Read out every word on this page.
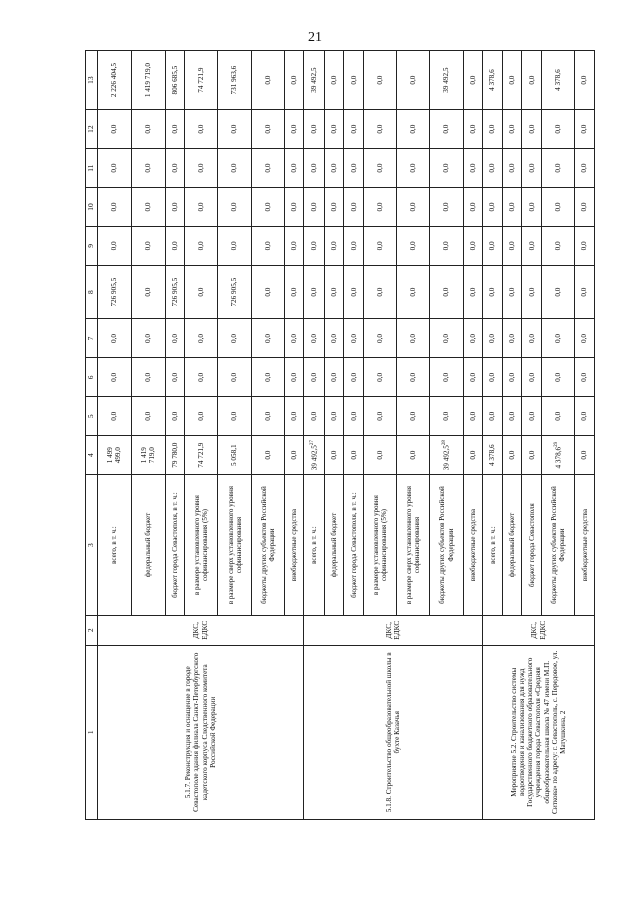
21
1	2	3	4	5	6	7	8	9	10	11	12	13
5.1.7. Реконструкция и оснащение в городе Севастополе здания филиала Санкт-Петербургского кадетского корпуса Следственного комитета Российской Федерации	ДКС, ЕДКС	всего, в т. ч.:	1 499 499,0	0,0	0,0	0,0	726 905,5	0,0	0,0	0,0	0,0	2 226 404,5
		федеральный бюджет	1 419 719,0	0,0	0,0	0,0	0,0	0,0	0,0	0,0	0,0	1 419 719,0
		бюджет города Севастополя, в т. ч.:	79 780,0	0,0	0,0	0,0	726 905,5	0,0	0,0	0,0	0,0	806 685,5
		в размере установленного уровня софинансирования (5%)	74 721,9	0,0	0,0	0,0	0,0	0,0	0,0	0,0	0,0	74 721,9
		в размере сверх установленного уровня софинансирования	5 058,1	0,0	0,0	0,0	726 905,5	0,0	0,0	0,0	0,0	731 963,6
		бюджеты других субъектов Российской Федерации	0,0	0,0	0,0	0,0	0,0	0,0	0,0	0,0	0,0	0,0
		внебюджетные средства	0,0	0,0	0,0	0,0	0,0	0,0	0,0	0,0	0,0	0,0
5.1.8. Строительство общеобразовательной школы в бухте Казачья	ДКС, ЕДКС	всего, в т. ч.:	39 492,5$^{27}$	0,0	0,0	0,0	0,0	0,0	0,0	0,0	0,0	39 492,5
		федеральный бюджет	0,0	0,0	0,0	0,0	0,0	0,0	0,0	0,0	0,0	0,0
		бюджет города Севастополя, в т. ч.:	0,0	0,0	0,0	0,0	0,0	0,0	0,0	0,0	0,0	0,0
		в размере установленного уровня софинансирования (5%)	0,0	0,0	0,0	0,0	0,0	0,0	0,0	0,0	0,0	0,0
		в размере сверх установленного уровня софинансирования	0,0	0,0	0,0	0,0	0,0	0,0	0,0	0,0	0,0	0,0
		бюджеты других субъектов Российской Федерации	39 492,5$^{28}$	0,0	0,0	0,0	0,0	0,0	0,0	0,0	0,0	39 492,5
		внебюджетные средства	0,0	0,0	0,0	0,0	0,0	0,0	0,0	0,0	0,0	0,0
Мероприятие 5.2. Строительство системы водоотведения и канализования для нужд Государственного бюджетного образовательного учреждения города Севастополя «Средняя общеобразовательная школа № 47 имени М.П. Ситкова» по адресу: г. Севастополь, с. Передовое, ул. Матушкина, 2	ДКС, ЕДКС	всего, в т. ч.:	4 378,6	0,0	0,0	0,0	0,0	0,0	0,0	0,0	0,0	4 378,6
		федеральный бюджет	0,0	0,0	0,0	0,0	0,0	0,0	0,0	0,0	0,0	0,0
		бюджет города Севастополя	0,0	0,0	0,0	0,0	0,0	0,0	0,0	0,0	0,0	0,0
		бюджеты других субъектов Российской Федерации	4 378,6$^{29}$	0,0	0,0	0,0	0,0	0,0	0,0	0,0	0,0	4 378,6
		внебюджетные средства	0,0	0,0	0,0	0,0	0,0	0,0	0,0	0,0	0,0	0,0
